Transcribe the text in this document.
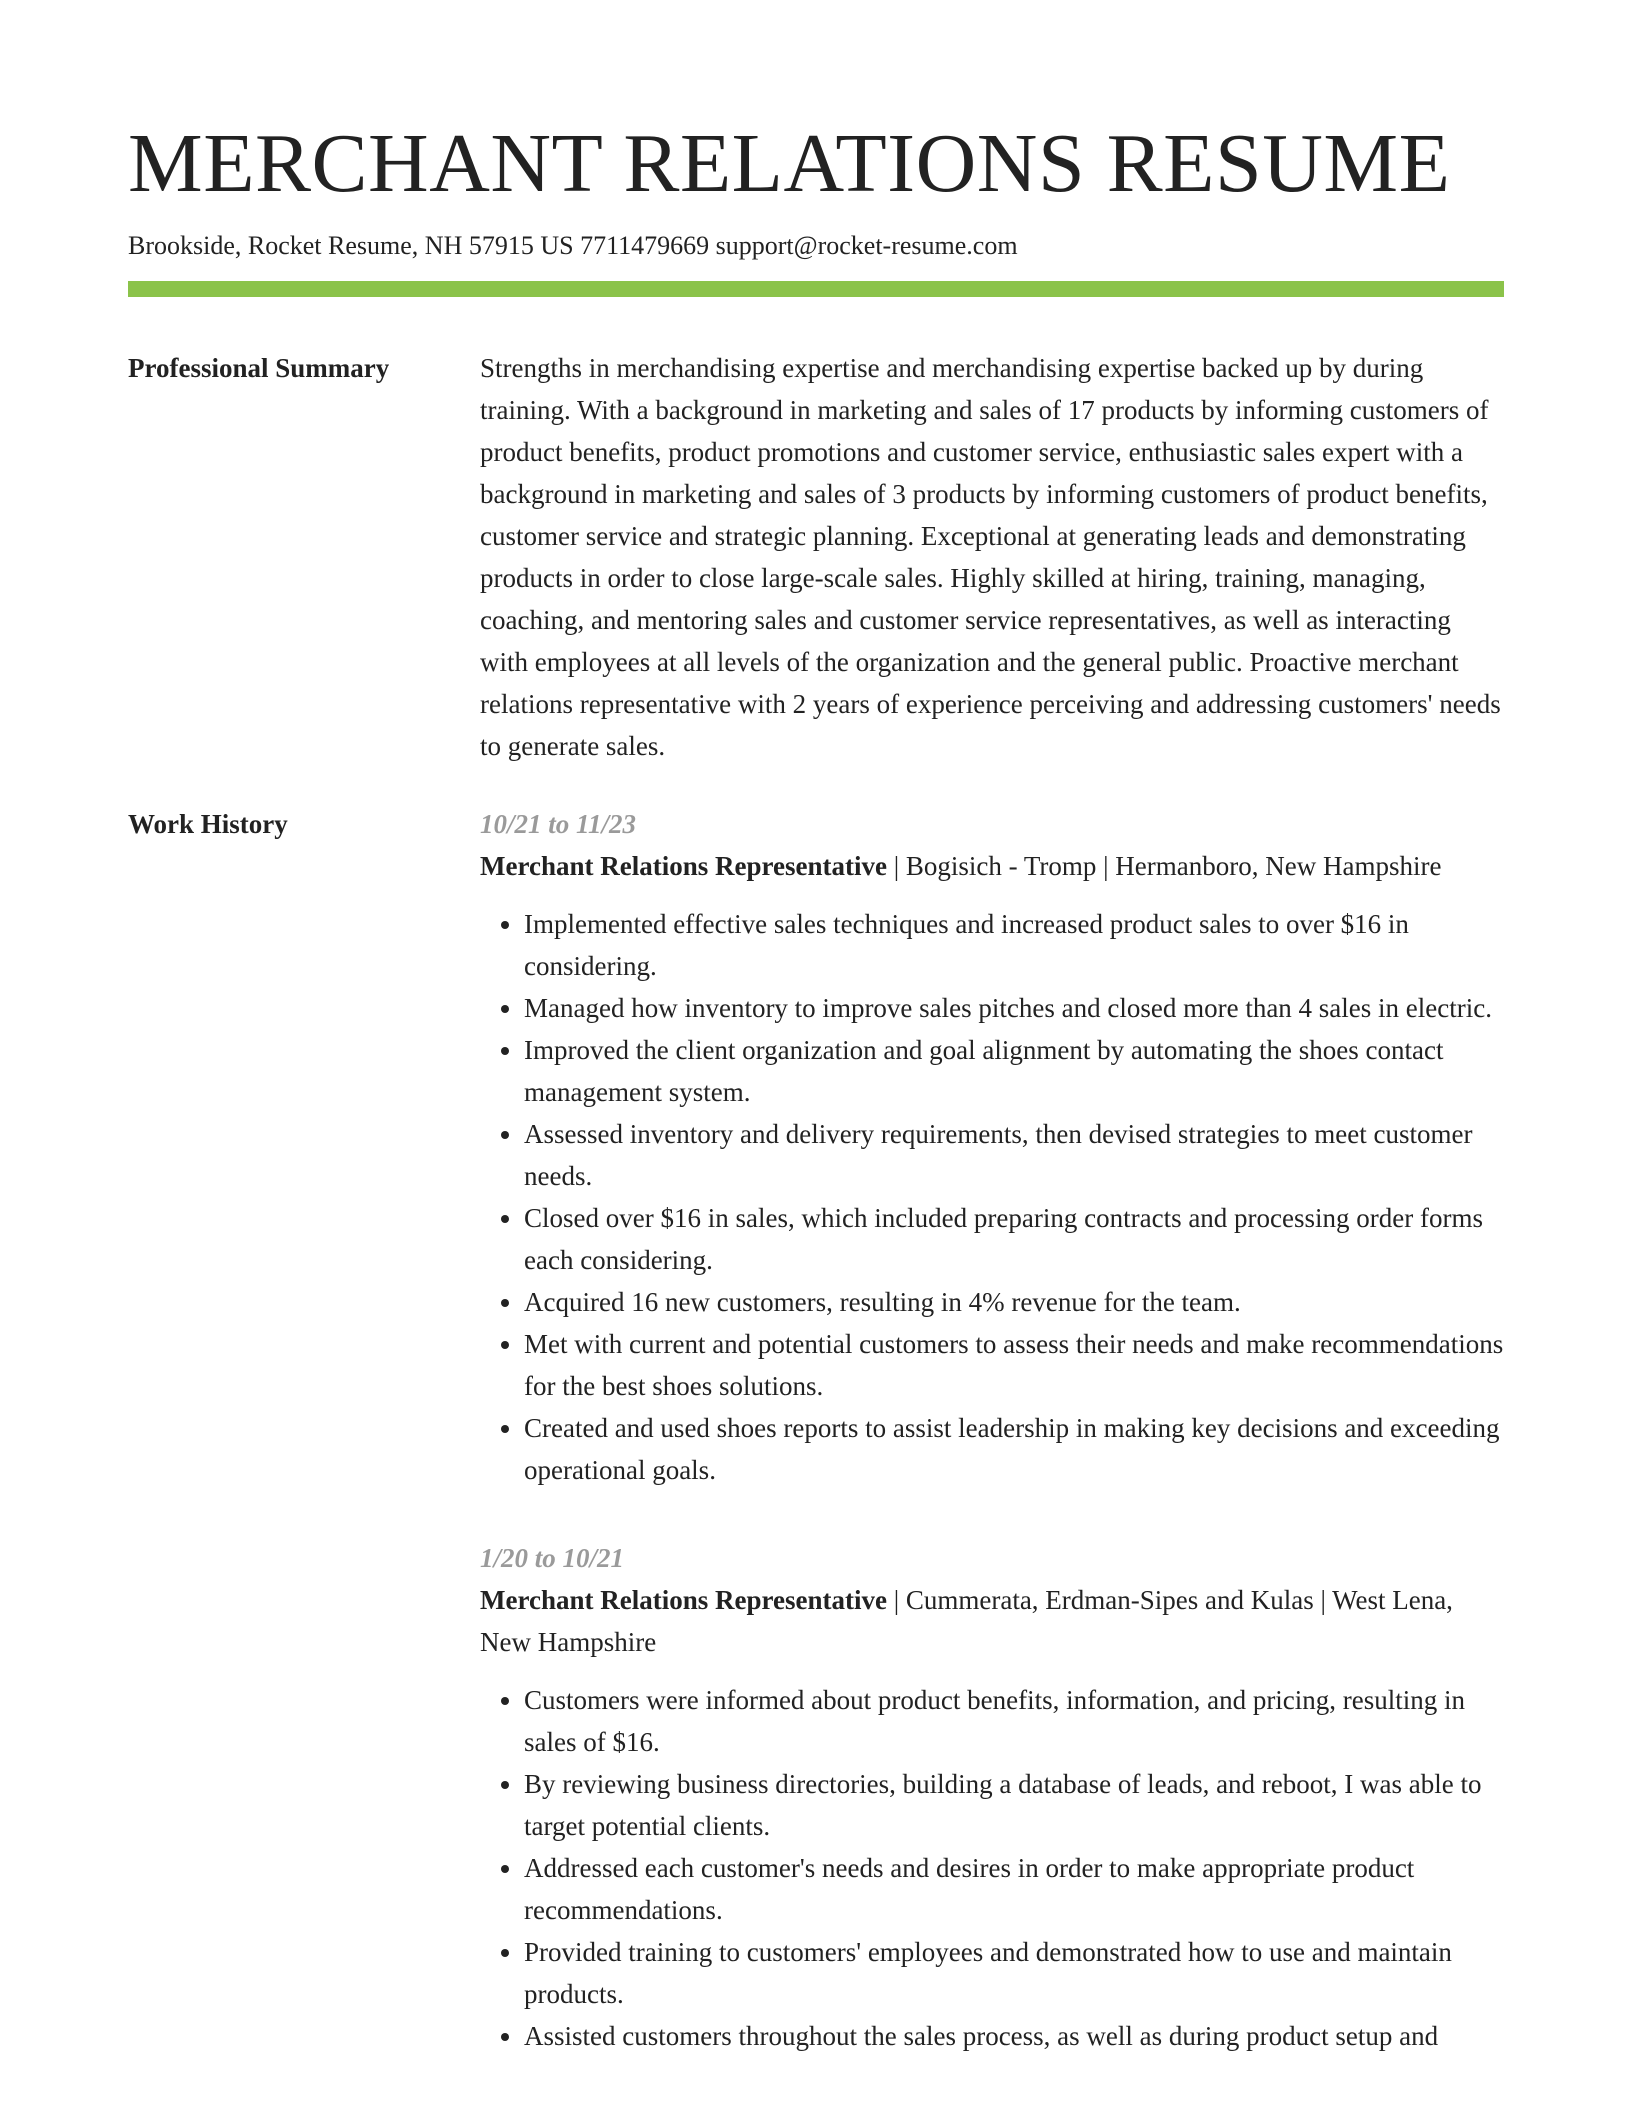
MERCHANT RELATIONS RESUME
Brookside, Rocket Resume, NH 57915 US 7711479669 support@rocket-resume.com
Professional Summary	Strengths in merchandising expertise and merchandising expertise backed up by during training. With a background in marketing and sales of 17 products by informing customers of product benefits, product promotions and customer service, enthusiastic sales expert with a background in marketing and sales of 3 products by informing customers of product benefits, customer service and strategic planning. Exceptional at generating leads and demonstrating products in order to close large-scale sales. Highly skilled at hiring, training, managing, coaching, and mentoring sales and customer service representatives, as well as interacting with employees at all levels of the organization and the general public. Proactive merchant relations representative with 2 years of experience perceiving and addressing customers' needs to generate sales.

Work History	10/21 to 11/23
Merchant Relations Representative | Bogisich - Tromp | Hermanboro, New Hampshire
• Implemented effective sales techniques and increased product sales to over $16 in considering.
• Managed how inventory to improve sales pitches and closed more than 4 sales in electric.
• Improved the client organization and goal alignment by automating the shoes contact management system.
• Assessed inventory and delivery requirements, then devised strategies to meet customer needs.
• Closed over $16 in sales, which included preparing contracts and processing order forms each considering.
• Acquired 16 new customers, resulting in 4% revenue for the team.
• Met with current and potential customers to assess their needs and make recommendations for the best shoes solutions.
• Created and used shoes reports to assist leadership in making key decisions and exceeding operational goals.
1/20 to 10/21
Merchant Relations Representative | Cummerata, Erdman-Sipes and Kulas | West Lena, New Hampshire
• Customers were informed about product benefits, information, and pricing, resulting in sales of $16.
• By reviewing business directories, building a database of leads, and reboot, I was able to target potential clients.
• Addressed each customer's needs and desires in order to make appropriate product recommendations.
• Provided training to customers' employees and demonstrated how to use and maintain products.
• Assisted customers throughout the sales process, as well as during product setup and
